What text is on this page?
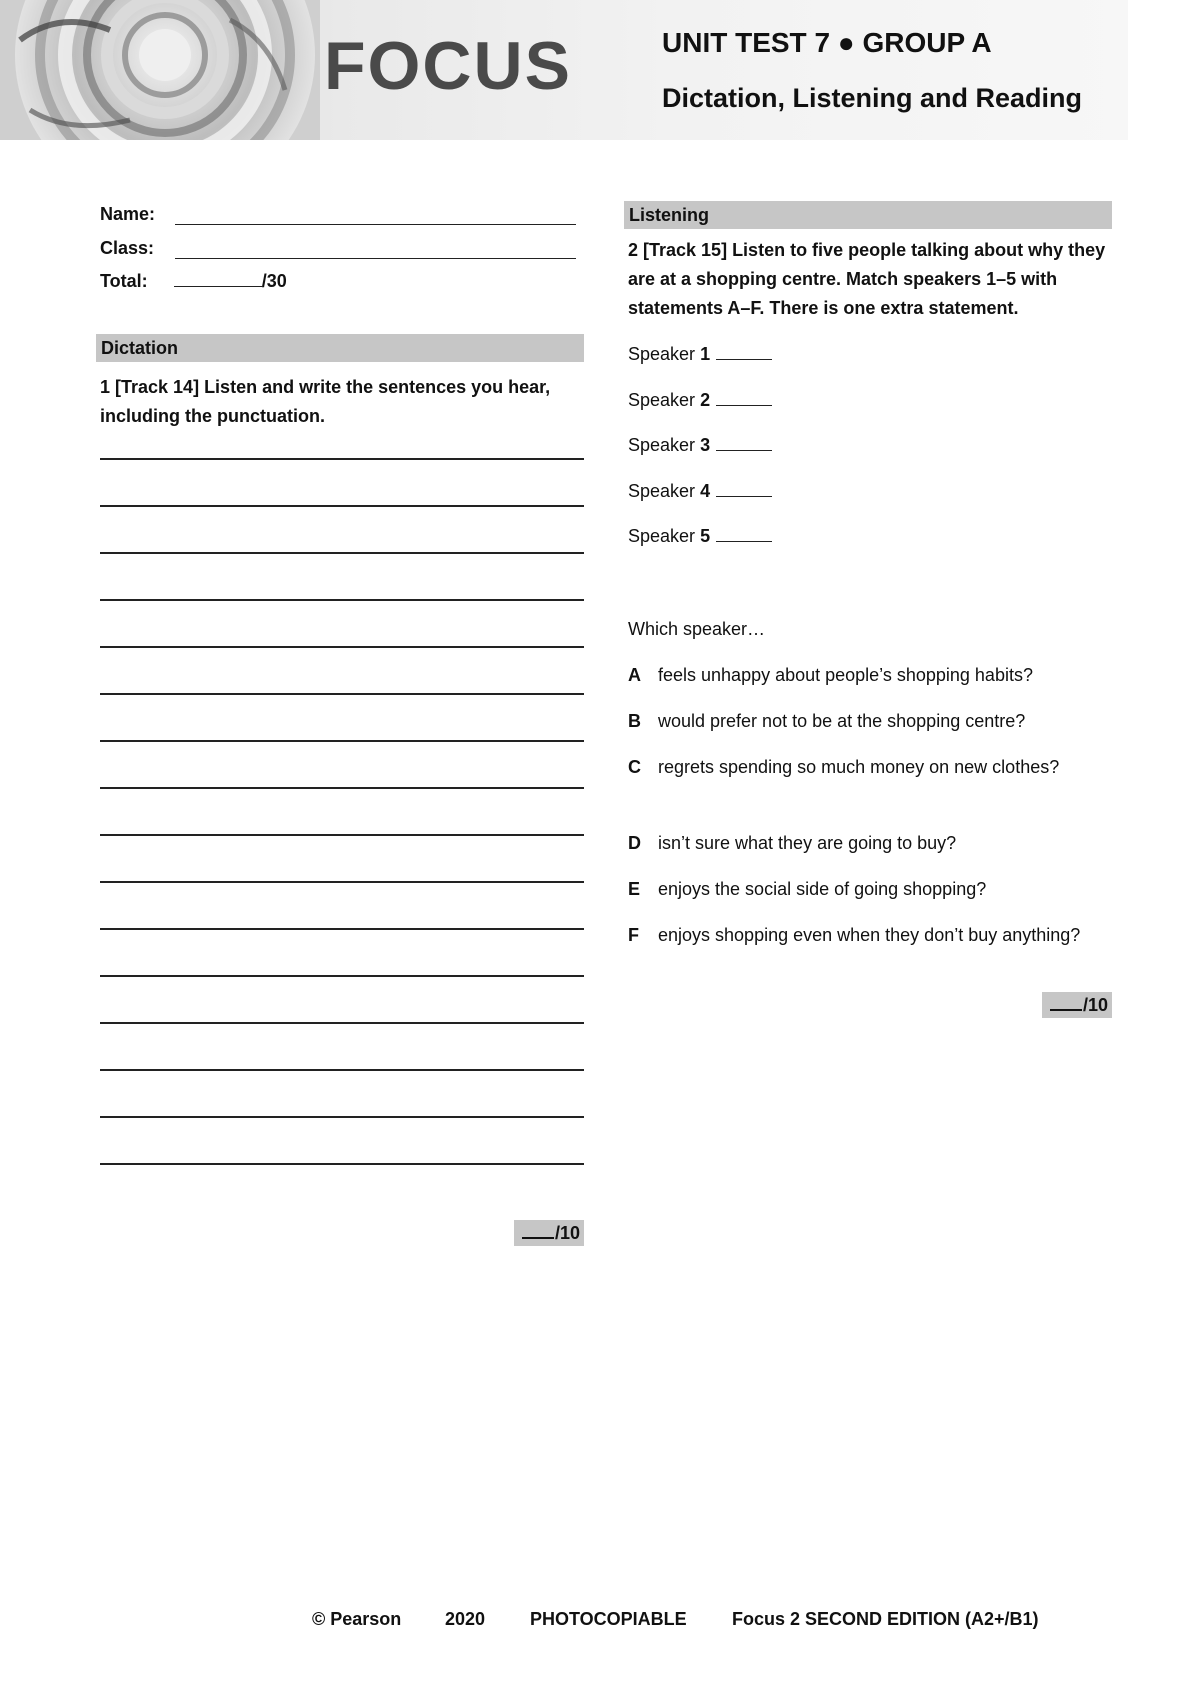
FOCUS	UNIT TEST 7 ● GROUP A
Dictation, Listening and Reading
Name:
Class:
Total:	/30
Dictation
1 [Track 14] Listen and write the sentences you hear, including the punctuation.
/10
Listening
2 [Track 15] Listen to five people talking about why they are at a shopping centre. Match speakers 1–5 with statements A–F. There is one extra statement.
Speaker 1
Speaker 2
Speaker 3
Speaker 4
Speaker 5
Which speaker…
A feels unhappy about people’s shopping habits?
B would prefer not to be at the shopping centre?
C regrets spending so much money on new clothes?
D isn’t sure what they are going to buy?
E enjoys the social side of going shopping?
F enjoys shopping even when they don’t buy anything?
/10
© Pearson 2020 PHOTOCOPIABLE	Focus 2 SECOND EDITION (A2+/B1)
